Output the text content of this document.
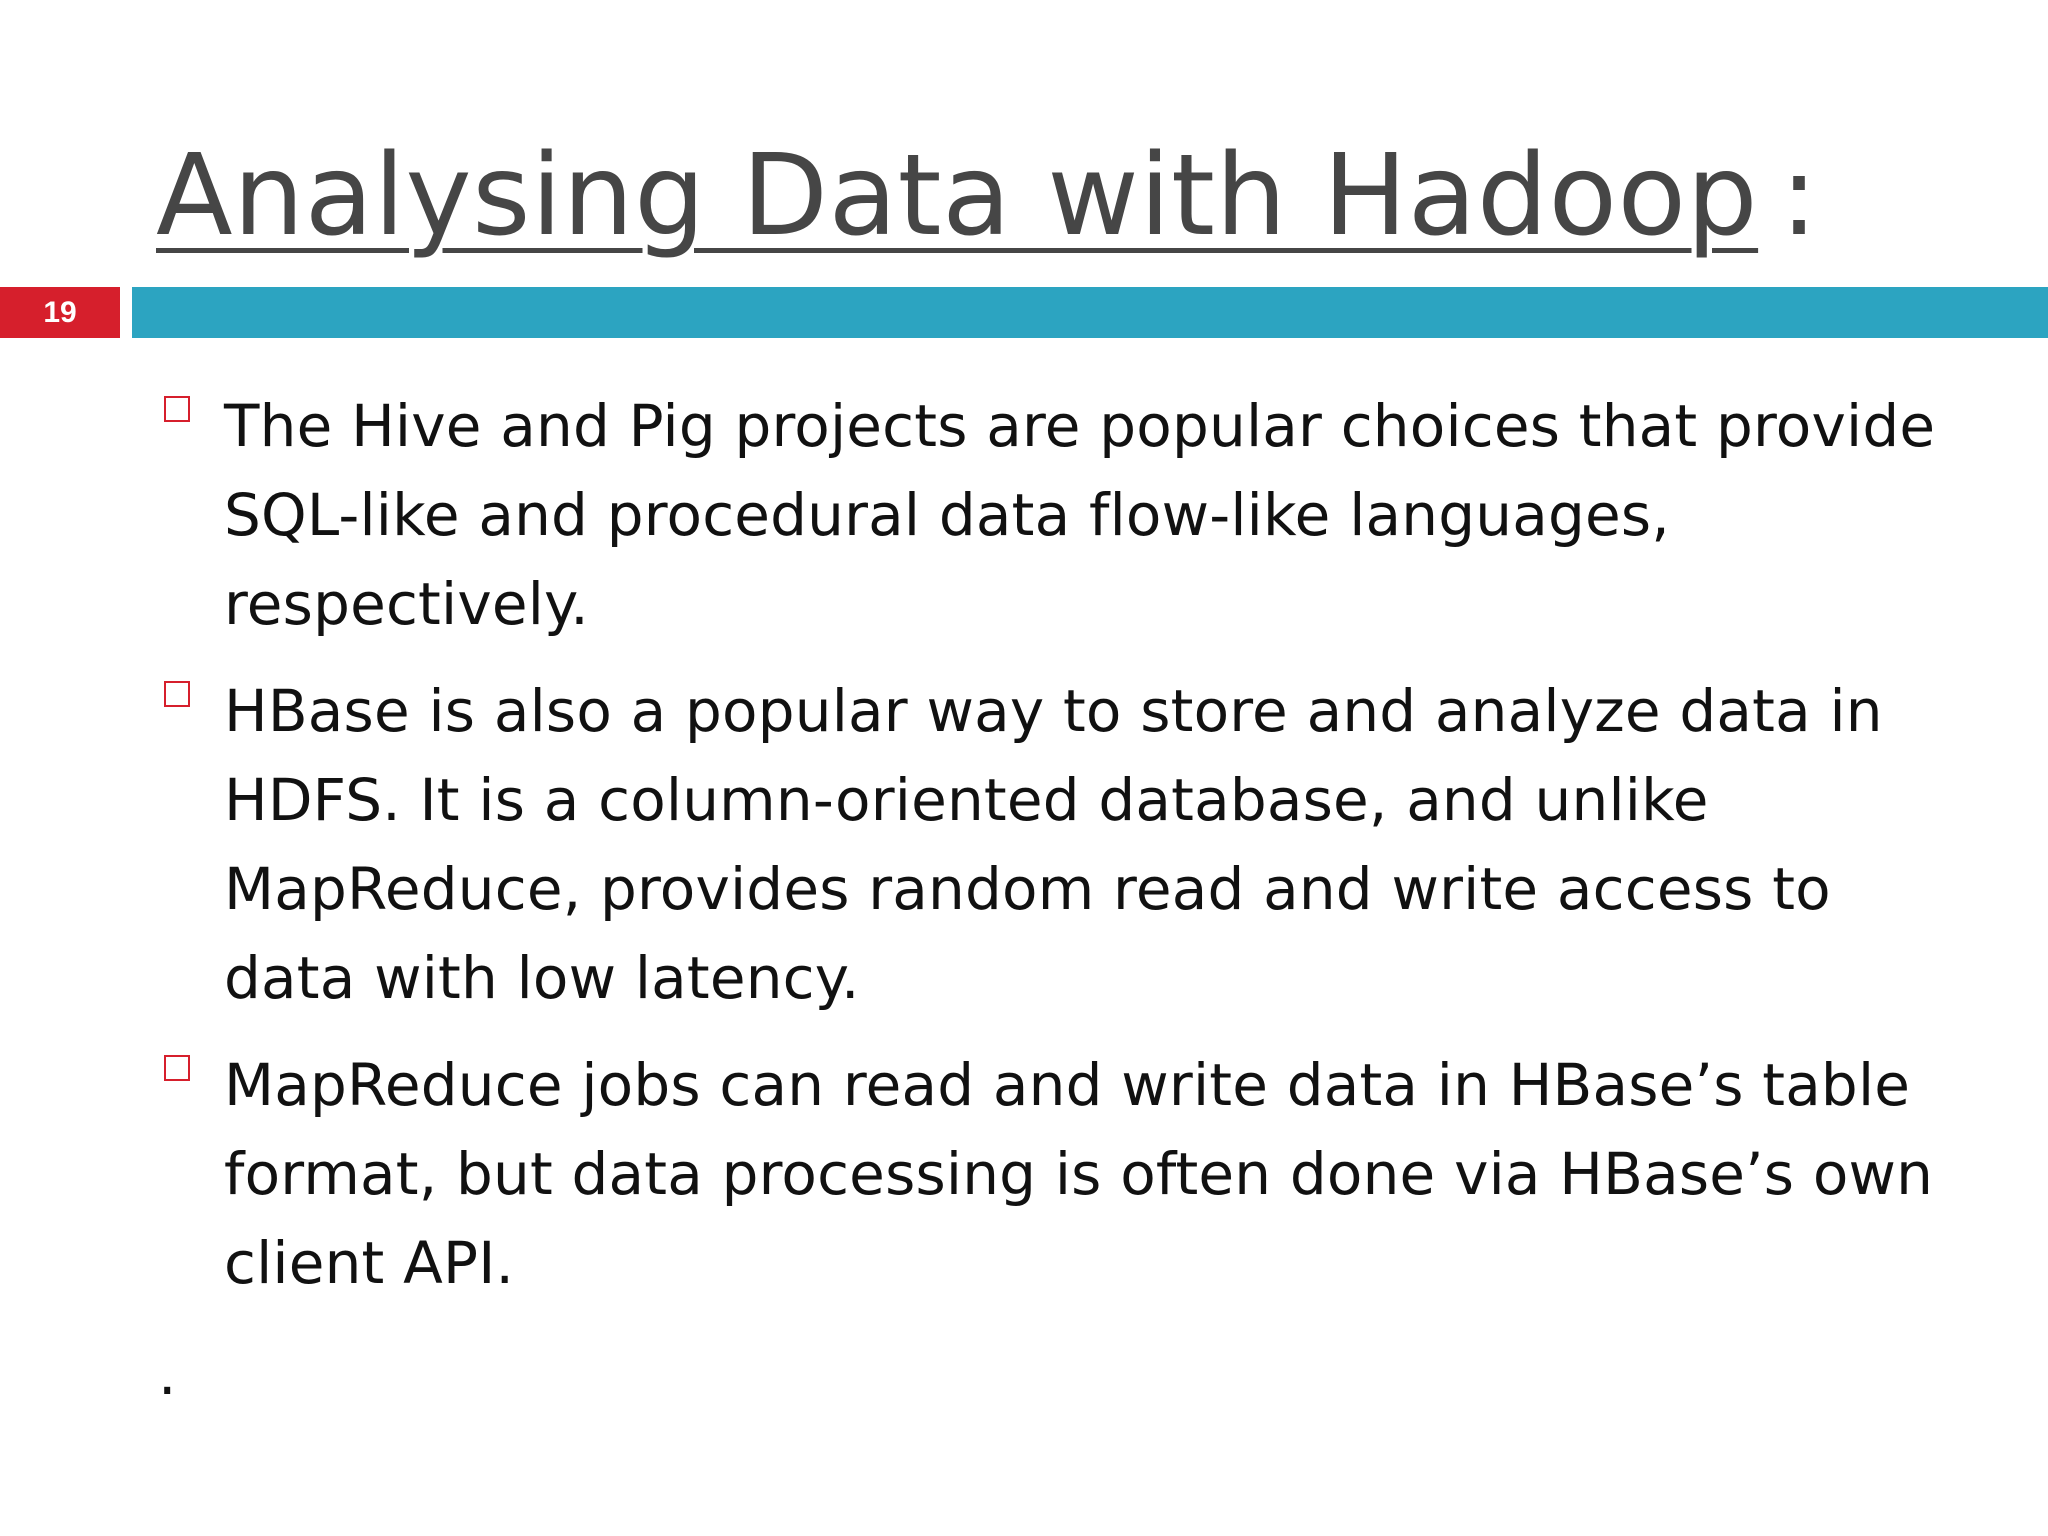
Analysing Data with Hadoop :
19
The Hive and Pig projects are popular choices that provide SQL-like and procedural data flow-like languages, respectively.
HBase is also a popular way to store and analyze data in HDFS. It is a column-oriented database, and unlike MapReduce, provides random read and write access to data with low latency.
MapReduce jobs can read and write data in HBase’s table format, but data processing is often done via HBase’s own client API.
.
